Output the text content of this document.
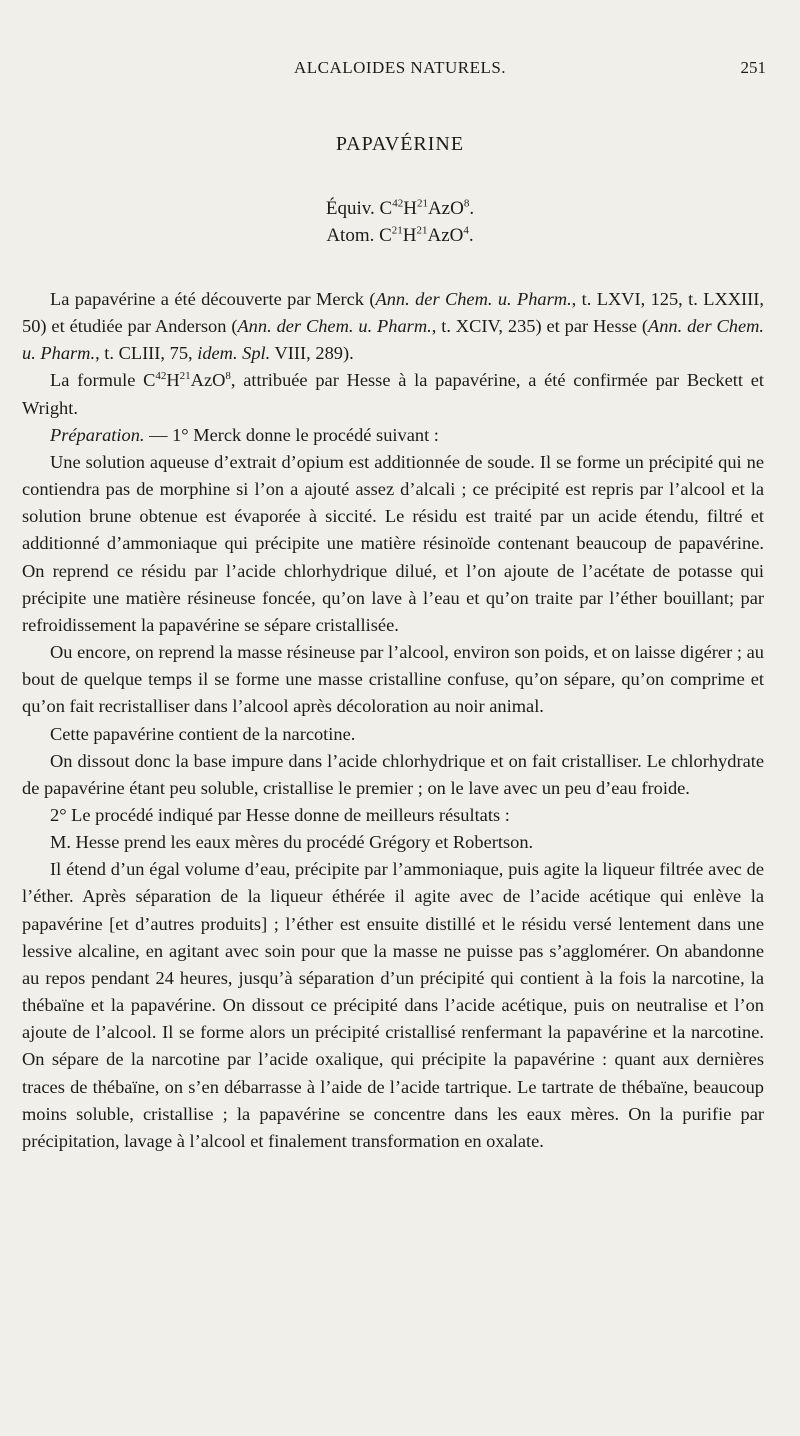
ALCALOIDES NATURELS.	251
PAPAVÉRINE
Équiv. $C^{42}H^{21}AzO^8$.
Atom. $C^{21}H^{21}AzO^4$.

La papavérine a été découverte par Merck (Ann. der Chem. u. Pharm., t. LXVI, 125, t. LXXIII, 50) et étudiée par Anderson (Ann. der Chem. u. Pharm., t. XCIV, 235) et par Hesse (Ann. der Chem. u. Pharm., t. CLIII, 75, idem. Spl. VIII, 289).

La formule $C^{42}H^{21}AzO^8$, attribuée par Hesse à la papavérine, a été confirmée par Beckett et Wright.

Préparation. — 1° Merck donne le procédé suivant :

Une solution aqueuse d’extrait d’opium est additionnée de soude. Il se forme un précipité qui ne contiendra pas de morphine si l’on a ajouté assez d’alcali ; ce précipité est repris par l’alcool et la solution brune obtenue est évaporée à siccité. Le résidu est traité par un acide étendu, filtré et additionné d’ammoniaque qui précipite une matière résinoïde contenant beaucoup de papavérine. On reprend ce résidu par l’acide chlorhydrique dilué, et l’on ajoute de l’acétate de potasse qui précipite une matière résineuse foncée, qu’on lave à l’eau et qu’on traite par l’éther bouillant; par refroidissement la papavérine se sépare cristallisée.

Ou encore, on reprend la masse résineuse par l’alcool, environ son poids, et on laisse digérer ; au bout de quelque temps il se forme une masse cristalline confuse, qu’on sépare, qu’on comprime et qu’on fait recristalliser dans l’alcool après décoloration au noir animal.

Cette papavérine contient de la narcotine.

On dissout donc la base impure dans l’acide chlorhydrique et on fait cristalliser. Le chlorhydrate de papavérine étant peu soluble, cristallise le premier ; on le lave avec un peu d’eau froide.

2° Le procédé indiqué par Hesse donne de meilleurs résultats :

M. Hesse prend les eaux mères du procédé Grégory et Robertson.

Il étend d’un égal volume d’eau, précipite par l’ammoniaque, puis agite la liqueur filtrée avec de l’éther. Après séparation de la liqueur éthérée il agite avec de l’acide acétique qui enlève la papavérine [et d’autres produits] ; l’éther est ensuite distillé et le résidu versé lentement dans une lessive alcaline, en agitant avec soin pour que la masse ne puisse pas s’agglomérer. On abandonne au repos pendant 24 heures, jusqu’à séparation d’un précipité qui contient à la fois la narcotine, la thébaïne et la papavérine. On dissout ce précipité dans l’acide acétique, puis on neutralise et l’on ajoute de l’alcool. Il se forme alors un précipité cristallisé renfermant la papavérine et la narcotine. On sépare de la narcotine par l’acide oxalique, qui précipite la papavérine : quant aux dernières traces de thébaïne, on s’en débarrasse à l’aide de l’acide tartrique. Le tartrate de thébaïne, beaucoup moins soluble, cristallise ; la papavérine se concentre dans les eaux mères. On la purifie par précipitation, lavage à l’alcool et finalement transformation en oxalate.
